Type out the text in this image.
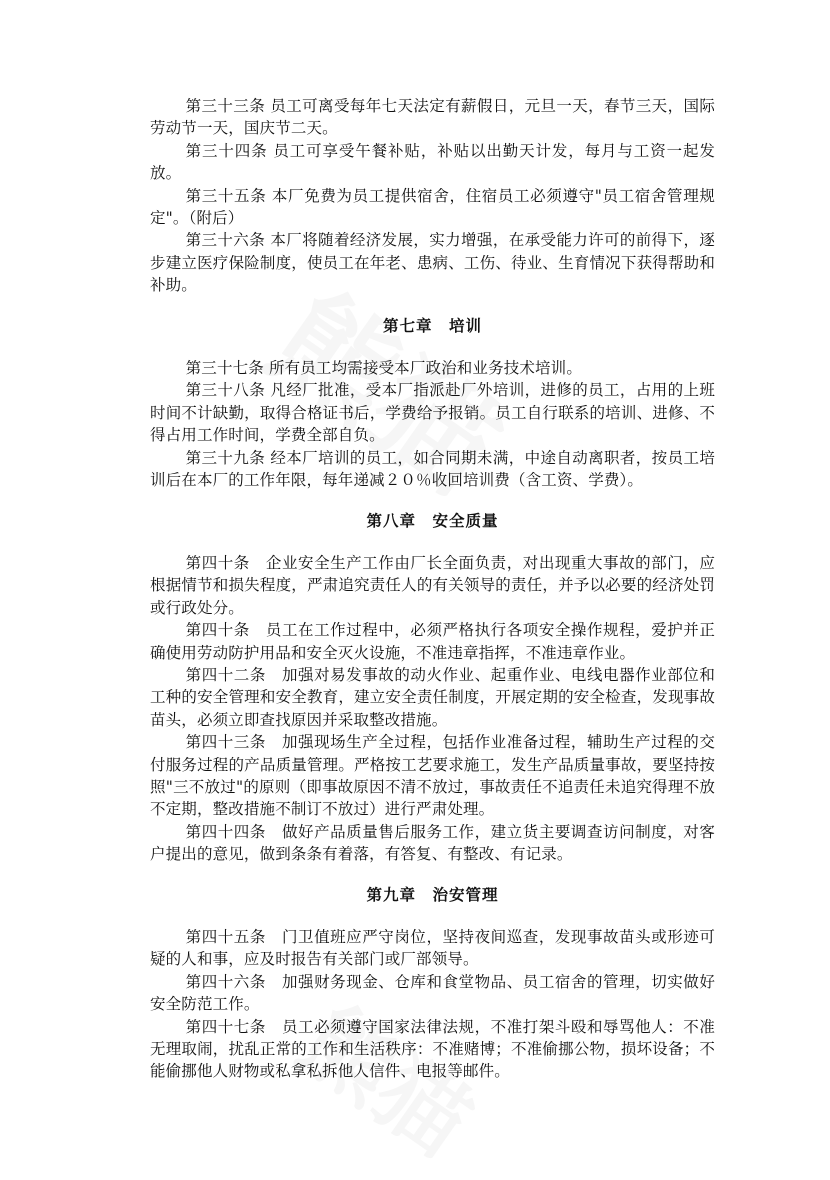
第三十三条 员工可离受每年七天法定有薪假日，元旦一天，春节三天，国际劳动节一天，国庆节二天。

第三十四条 员工可享受午餐补贴，补贴以出勤天计发，每月与工资一起发放。

第三十五条 本厂免费为员工提供宿舍，住宿员工必须遵守"员工宿舍管理规定"。（附后）

第三十六条 本厂将随着经济发展，实力增强，在承受能力许可的前得下，逐步建立医疗保险制度，使员工在年老、患病、工伤、待业、生育情况下获得帮助和补助。

第七章　培训

第三十七条 所有员工均需接受本厂政治和业务技术培训。

第三十八条 凡经厂批准，受本厂指派赴厂外培训，进修的员工，占用的上班时间不计缺勤，取得合格证书后，学费给予报销。员工自行联系的培训、进修、不得占用工作时间，学费全部自负。

第三十九条 经本厂培训的员工，如合同期未满，中途自动离职者，按员工培训后在本厂的工作年限，每年递减２０％收回培训费（含工资、学费）。

第八章　安全质量

第四十条　企业安全生产工作由厂长全面负责，对出现重大事故的部门，应根据情节和损失程度，严肃追究责任人的有关领导的责任，并予以必要的经济处罚或行政处分。

第四十条　员工在工作过程中，必须严格执行各项安全操作规程，爱护并正确使用劳动防护用品和安全灭火设施，不准违章指挥，不准违章作业。

第四十二条　加强对易发事故的动火作业、起重作业、电线电器作业部位和工种的安全管理和安全教育，建立安全责任制度，开展定期的安全检查，发现事故苗头，必须立即查找原因并采取整改措施。

第四十三条　加强现场生产全过程，包括作业准备过程，辅助生产过程的交付服务过程的产品质量管理。严格按工艺要求施工，发生产品质量事故，要坚持按照"三不放过"的原则（即事故原因不清不放过，事故责任不追责任未追究得理不放不定期，整改措施不制订不放过）进行严肃处理。

第四十四条　做好产品质量售后服务工作，建立货主要调查访问制度，对客户提出的意见，做到条条有着落，有答复、有整改、有记录。

第九章　治安管理

第四十五条　门卫值班应严守岗位，坚持夜间巡查，发现事故苗头或形迹可疑的人和事，应及时报告有关部门或厂部领导。

第四十六条　加强财务现金、仓库和食堂物品、员工宿舍的管理，切实做好安全防范工作。

第四十七条　员工必须遵守国家法律法规，不准打架斗殴和辱骂他人：不准无理取闹，扰乱正常的工作和生活秩序：不准赌博；不准偷挪公物，损坏设备；不能偷挪他人财物或私拿私拆他人信件、电报等邮件。
